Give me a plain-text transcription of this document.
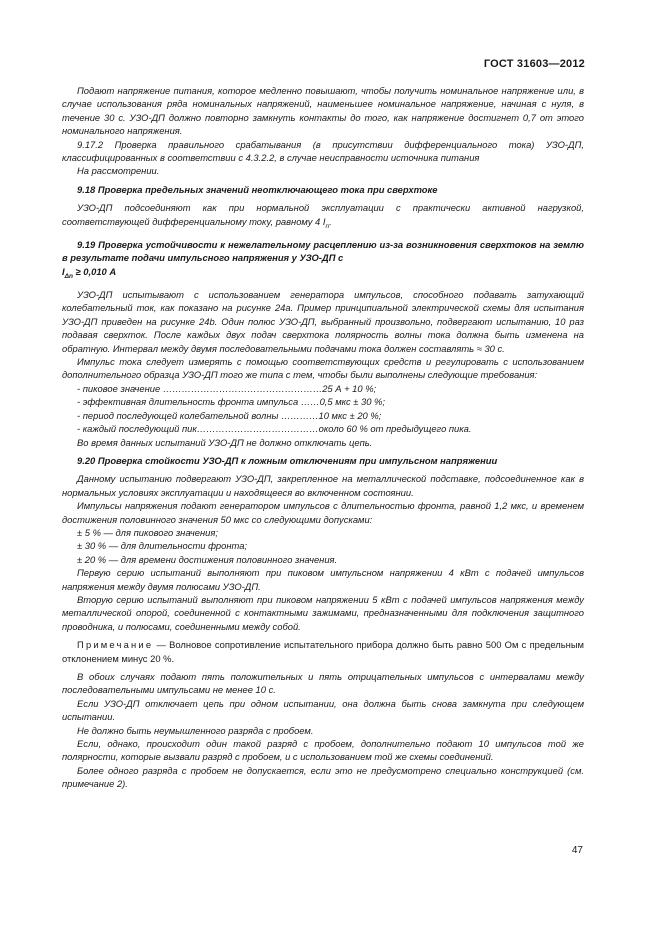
ГОСТ 31603—2012

Подают напряжение питания, которое медленно повышают, чтобы получить номинальное напряжение или, в случае использования ряда номинальных напряжений, наименьшее номинальное напряжение, начиная с нуля, в течение 30 с. УЗО-ДП должно повторно замкнуть контакты до того, как напряжение достигнет 0,7 от этого номинального напряжения.

9.17.2 Проверка правильного срабатывания (в присутствии дифференциального тока) УЗО-ДП, классифицированных в соответствии с 4.3.2.2, в случае неисправности источника питания

На рассмотрении.

9.18 Проверка предельных значений неотключающего тока при сверхтоке

УЗО-ДП подсоединяют как при нормальной эксплуатации с практически активной нагрузкой, соответствующей дифференциальному току, равному 4 $I_n$.

9.19 Проверка устойчивости к нежелательному расцеплению из-за возникновения сверхтоков на землю в результате подачи импульсного напряжения у УЗО-ДП с
$I_{\Delta n} \ge 0,010$ А

УЗО-ДП испытывают с использованием генератора импульсов, способного подавать затухающий колебательный ток, как показано на рисунке 24а. Пример принципиальной электрической схемы для испытания УЗО-ДП приведен на рисунке 24b. Один полюс УЗО-ДП, выбранный произвольно, подвергают испытанию, 10 раз подавая сверхток. После каждых двух подач сверхтока полярность волны тока должна быть изменена на обратную. Интервал между двумя последовательными подачами тока должен составлять ≈ 30 с.

Импульс тока следует измерять с помощью соответствующих средств и регулировать с использованием дополнительного образца УЗО-ДП того же типа с тем, чтобы были выполнены следующие требования:

- пиковое значение ……………………………………………25 А + 10 %;

- эффективная длительность фронта импульса ……0,5 мкс ± 30 %;

- период последующей колебательной волны …………10 мкс ± 20 %;

- каждый последующий пик…………………………………около 60 % от предыдущего пика.

Во время данных испытаний УЗО-ДП не должно отключать цепь.

9.20 Проверка стойкости УЗО-ДП к ложным отключениям при импульсном напряжении

Данному испытанию подвергают УЗО-ДП, закрепленное на металлической подставке, подсоединенное как в нормальных условиях эксплуатации и находящееся во включенном состоянии.

Импульсы напряжения подают генератором импульсов с длительностью фронта, равной 1,2 мкс, и временем достижения половинного значения 50 мкс со следующими допусками:

± 5 % — для пикового значения;

± 30 % — для длительности фронта;

± 20 % — для времени достижения половинного значения.

Первую серию испытаний выполняют при пиковом импульсном напряжении 4 кВт с подачей импульсов напряжения между двумя полюсами УЗО-ДП.

Вторую серию испытаний выполняют при пиковом напряжении 5 кВт с подачей импульсов напряжения между металлической опорой, соединенной с контактными зажимами, предназначенными для подключения защитного проводника, и полюсами, соединенными между собой.

Примечание — Волновое сопротивление испытательного прибора должно быть равно 500 Ом с предельным отклонением минус 20 %.

В обоих случаях подают пять положительных и пять отрицательных импульсов с интервалами между последовательными импульсами не менее 10 с.

Если УЗО-ДП отключает цепь при одном испытании, она должна быть снова замкнута при следующем испытании.

Не должно быть неумышленного разряда с пробоем.

Если, однако, происходит один такой разряд с пробоем, дополнительно подают 10 импульсов той же полярности, которые вызвали разряд с пробоем, и с использованием той же схемы соединений.

Более одного разряда с пробоем не допускается, если это не предусмотрено специально конструкцией (см. примечание 2).

47
